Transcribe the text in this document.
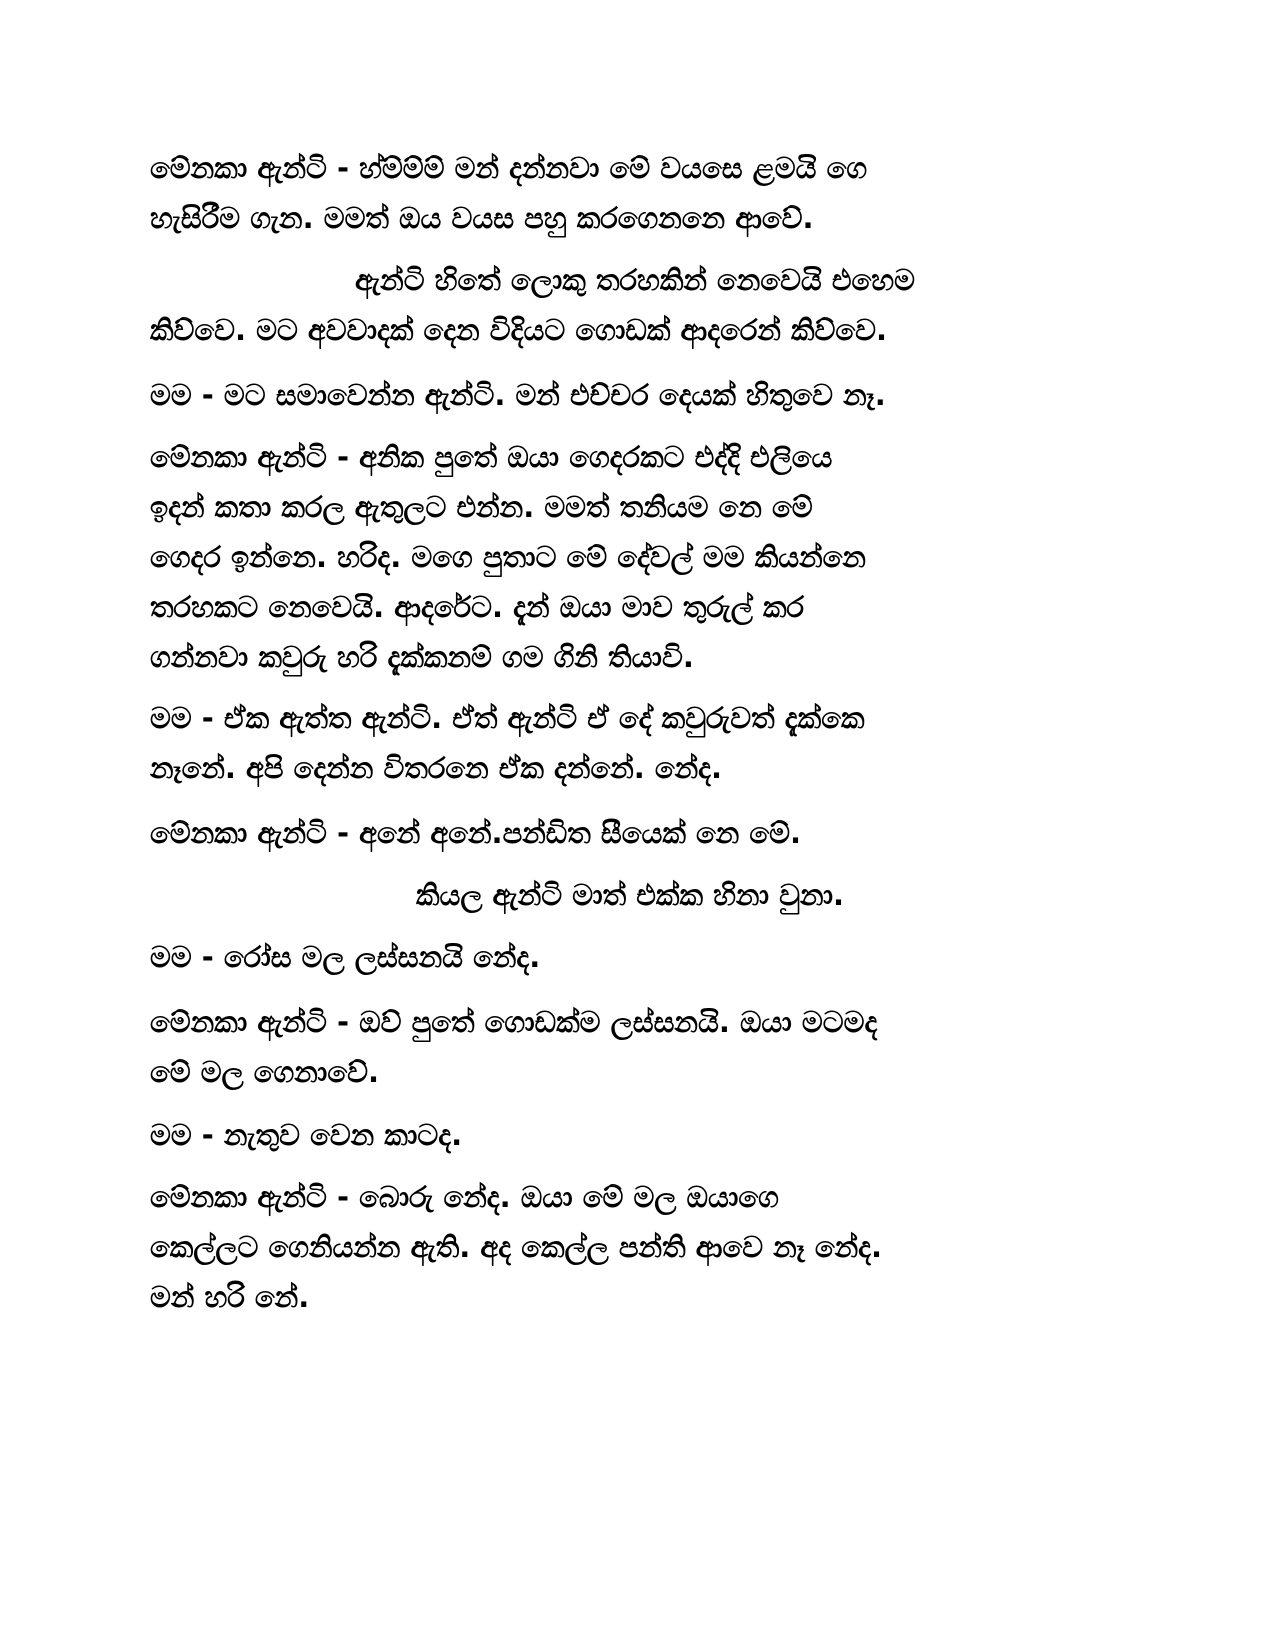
මේනකා ඇන්ටි - හ්ම්ම්ම් මන් දන්නවා මේ වයසෙ ළමයි ගෙ
හැසිරීම ගැන. මමත් ඔය වයස පහු කරගෙනනෙ ආවේ.

ඇන්ටි හිතේ ලොකු තරහකින් නෙවෙයි එහෙම
කිව්වෙ. මට අවවාදක් දෙන විදියට ගොඩක් ආදරෙන් කිව්වෙ.

මම - මට සමාවෙන්න ඇන්ටි. මන් එච්චර දෙයක් හිතුවෙ නෑ.

මේනකා ඇන්ටි - අනික පුතේ ඔයා ගෙදරකට එද්දි එලියෙ
ඉදන් කතා කරල ඇතුලට එන්න. මමත් තනියම නෙ මේ
ගෙදර ඉන්නෙ. හරිද. මගෙ පුතාට මේ දේවල් මම කියන්නෙ
තරහකට නෙවෙයි. ආදරේට. දැන් ඔයා මාව තුරුල් කර
ගන්නවා කවුරු හරි දැක්කනම් ගම ගිනි තියාවි.

මම - ඒක ඇත්ත ඇන්ටි. ඒත් ඇන්ටි ඒ දේ කවුරුවත් දැක්කෙ
නෑනේ. අපි දෙන්න විතරනෙ ඒක දන්නේ. නේද.

මේනකා ඇන්ටි - අනේ අනේ.පන්ඩිත සීයෙක් නෙ මේ.

කියල ඇන්ටි මාත් එක්ක හිනා වුනා.

මම - රෝස මල ලස්සනයි නේද.

මේනකා ඇන්ටි - ඔව් පුතේ ගොඩක්ම ලස්සනයි. ඔයා මටමද
මේ මල ගෙනාවේ.

මම - නැතුව වෙන කාටද.

මේනකා ඇන්ටි - බොරු නේද. ඔයා මේ මල ඔයාගෙ
කෙල්ලට ගෙනියන්න ඇති. අද කෙල්ල පන්ති ආවෙ නෑ නේද.
මන් හරි නේ.
